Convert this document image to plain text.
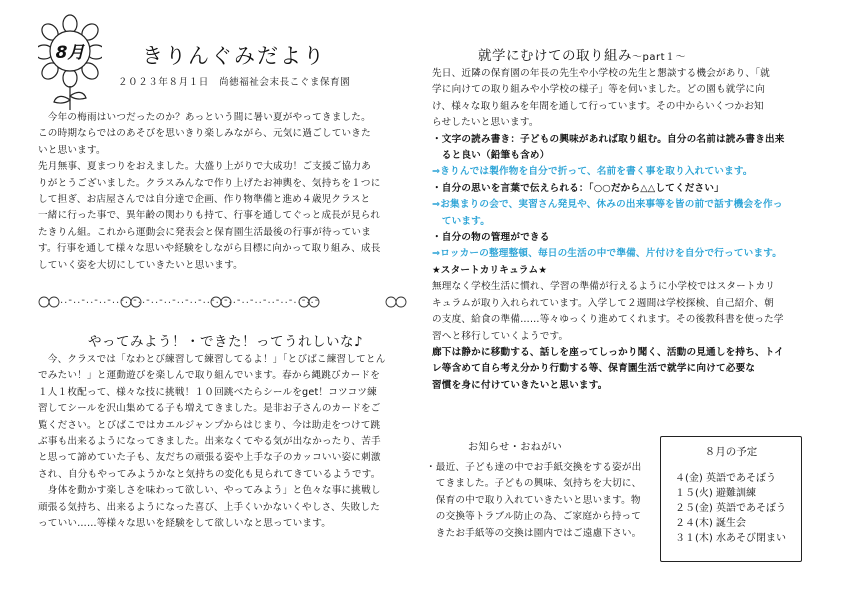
8月	きりんぐみだより
２０２３年８月１日　尚徳福祉会末長こぐま保育園

　今年の梅雨はいつだったのか？あっという間に暑い夏がやってきました。

この時期ならではのあそびを思いきり楽しみながら、元気に過ごしていきた

いと思います。

先月無事、夏まつりをおえました。大盛り上がりで大成功！ご支援ご協力あ

りがとうございました。クラスみんなで作り上げたお神輿を、気持ちを１つに

して担ぎ、お店屋さんでは自分達で企画、作り物準備と進め４歳児クラスと

一緒に行った事で、異年齢の関わりも持て、行事を通してぐっと成長が見られ

たきりん組。これから運動会に発表会と保育園生活最後の行事が待っていま

す。行事を通して様々な思いや経験をしながら目標に向かって取り組み、成長

していく姿を大切にしていきたいと思います。

..-..-..-..-..-..-..-..-..-..-..-..-..-..-..-..-..-..-..-..-
やってみよう！・できた！ってうれしいな♪

　今、クラスでは「なわとび練習して練習してるよ！」「とびばこ練習してとん

でみたい！」と運動遊びを楽しんで取り組んでいます。春から縄跳びカードを

１人１枚配って、様々な技に挑戦！１０回跳べたらシールをget！コツコツ練

習してシールを沢山集めてる子も増えてきました。是非お子さんのカードをご

覧ください。とびばこではカエルジャンプからはじまり、今は助走をつけて跳

ぶ事も出来るようになってきました。出来なくてやる気が出なかったり、苦手

と思って諦めていた子も、友だちの頑張る姿や上手な子のカッコいい姿に刺激

され、自分もやってみようかなと気持ちの変化も見られてきているようです。

　身体を動かす楽しさを味わって欲しい、やってみよう」と色々な事に挑戦し

頑張る気持ち、出来るようになった喜び、上手くいかないくやしさ、失敗した

っていい……等様々な思いを経験をして欲しいなと思っています。

就学にむけての取り組み～part１～

先日、近隣の保育園の年長の先生や小学校の先生と懇談する機会があり、「就

学に向けての取り組みや小学校の様子」等を伺いました。どの園も就学に向

け、様々な取り組みを年間を通して行っています。その中からいくつかお知

らせしたいと思います。

・文字の読み書き：子どもの興味があれば取り組む。自分の名前は読み書き出来

　ると良い（鉛筆も含め）

⇒きりんでは製作物を自分で折って、名前を書く事を取り入れています。

・自分の思いを言葉で伝えられる：「○○だから△△してください」

⇒お集まりの会で、実習さん発見や、休みの出来事等を皆の前で話す機会を作っ

　ています。

・自分の物の管理ができる

⇒ロッカーの整理整頓、毎日の生活の中で準備、片付けを自分で行っています。

★スタートカリキュラム★

無理なく学校生活に慣れ、学習の準備が行えるように小学校ではスタートカリ

キュラムが取り入れられています。入学して２週間は学校探検、自己紹介、朝

の支度、給食の準備……等々ゆっくり進めてくれます。その後教科書を使った学

習へと移行していくようです。

廊下は静かに移動する、話しを座ってしっかり聞く、活動の見通しを持ち、トイ

レ等含めて自ら考え分かり行動する等、保育園生活で就学に向けて必要な

習慣を身に付けていきたいと思います。

お知らせ・おねがい

・最近、子ども達の中でお手紙交換をする姿が出

　てきました。子どもの興味、気持ちを大切に、

　保育の中で取り入れていきたいと思います。物

　の交換等トラブル防止の為、ご家庭から持って

　きたお手紙等の交換は園内ではご遠慮下さい。

８月の予定

４(金) 英語であそぼう

１５(火) 避難訓練

２５(金) 英語であそぼう

２４(木) 誕生会

３１(木) 水あそび閉まい
